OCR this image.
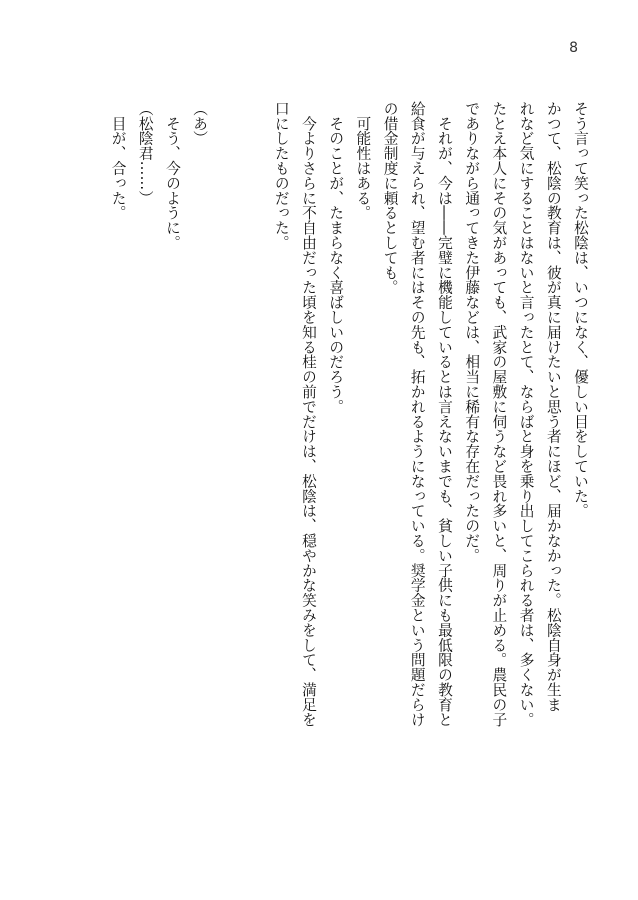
8
そう言って笑った松陰は、いつになく、優しい目をしていた。
かつて、松陰の教育は、彼が真に届けたいと思う者にほど、届かなかった。松陰自身が生ま
れなど気にすることはないと言ったとて、ならばと身を乗り出してこられる者は、多くない。
たとえ本人にその気があっても、武家の屋敷に伺うなど畏れ多いと、周りが止める。農民の子
でありながら通ってきた伊藤などは、相当に稀有な存在だったのだ。
　それが、今は――完璧に機能しているとは言えないまでも、貧しい子供にも最低限の教育と
給食が与えられ、望む者にはその先も、拓かれるようになっている。奨学金という問題だらけ
の借金制度に頼るとしても。
　可能性はある。
　そのことが、たまらなく喜ばしいのだろう。
　今よりさらに不自由だった頃を知る桂の前でだけは、松陰は、穏やかな笑みをして、満足を
口にしたものだった。

（あ）
　そう、今のように。
（松陰君……）
　目が、合った。
